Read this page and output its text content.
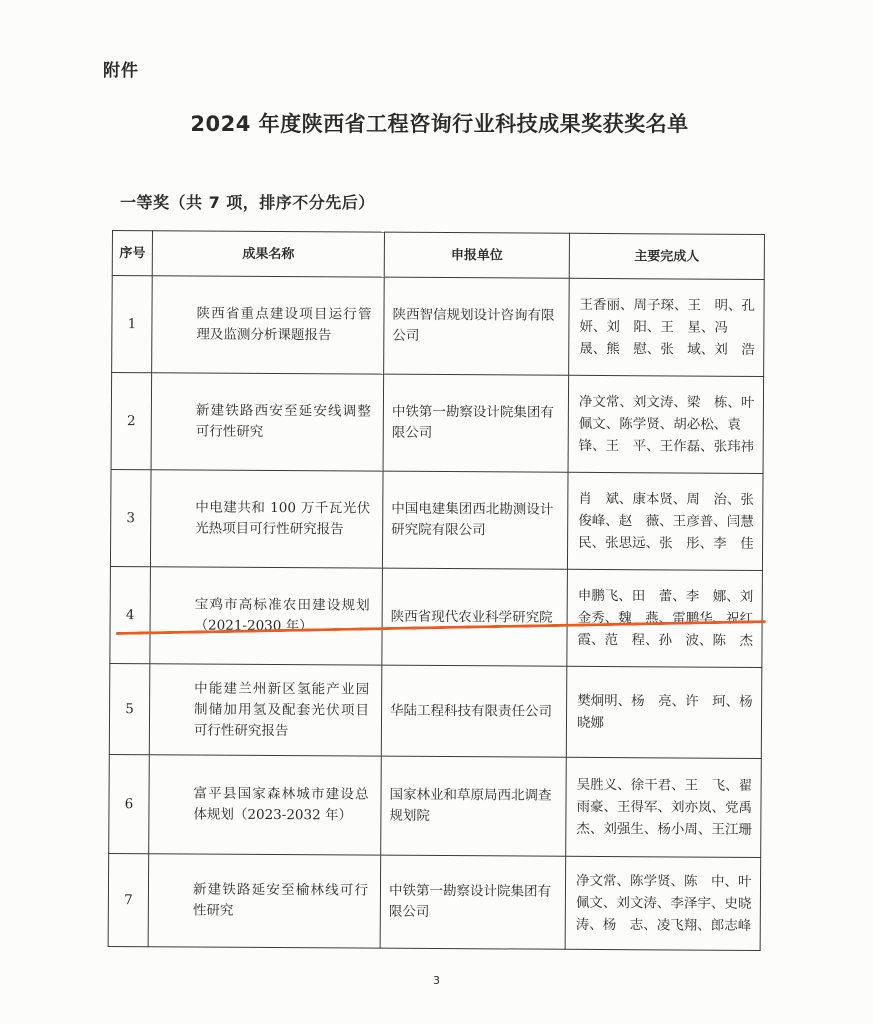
附件
2024 年度陕西省工程咨询行业科技成果奖获奖名单
一等奖（共 7 项，排序不分先后）
序号	成果名称	申报单位	主要完成人
1	陕西省重点建设项目运行管理及监测分析课题报告	陕西智信规划设计咨询有限公司	王香丽、周子琛、王　明、孔　妍、刘　阳、王　星、冯　晟、熊　慰、张　域、刘　浩
2	新建铁路西安至延安线调整可行性研究	中铁第一勘察设计院集团有限公司	净文常、刘文涛、梁　栋、叶佩文、陈学贤、胡必松、袁　锋、王　平、王作磊、张玮祎
3	中电建共和 100 万千瓦光伏光热项目可行性研究报告	中国电建集团西北勘测设计研究院有限公司	肖　斌、康本贤、周　治、张俊峰、赵　薇、王彦普、闫慧民、张思远、张　彤、李　佳
4	宝鸡市高标准农田建设规划（2021-2030 年）	陕西省现代农业科学研究院	申鹏飞、田　蕾、李　娜、刘金秀、魏　燕、雷鹏华、祝红霞、范　程、孙　波、陈　杰
5	中能建兰州新区氢能产业园制储加用氢及配套光伏项目可行性研究报告	华陆工程科技有限责任公司	樊炯明、杨　亮、许　珂、杨晓娜
6	富平县国家森林城市建设总体规划（2023-2032 年）	国家林业和草原局西北调查规划院	吴胜义、徐干君、王　飞、翟雨豪、王得军、刘亦岚、党禹杰、刘强生、杨小周、王江珊
7	新建铁路延安至榆林线可行性研究	中铁第一勘察设计院集团有限公司	净文常、陈学贤、陈　中、叶佩文、刘文涛、李泽宇、史晓涛、杨　志、凌飞翔、郎志峰
3
